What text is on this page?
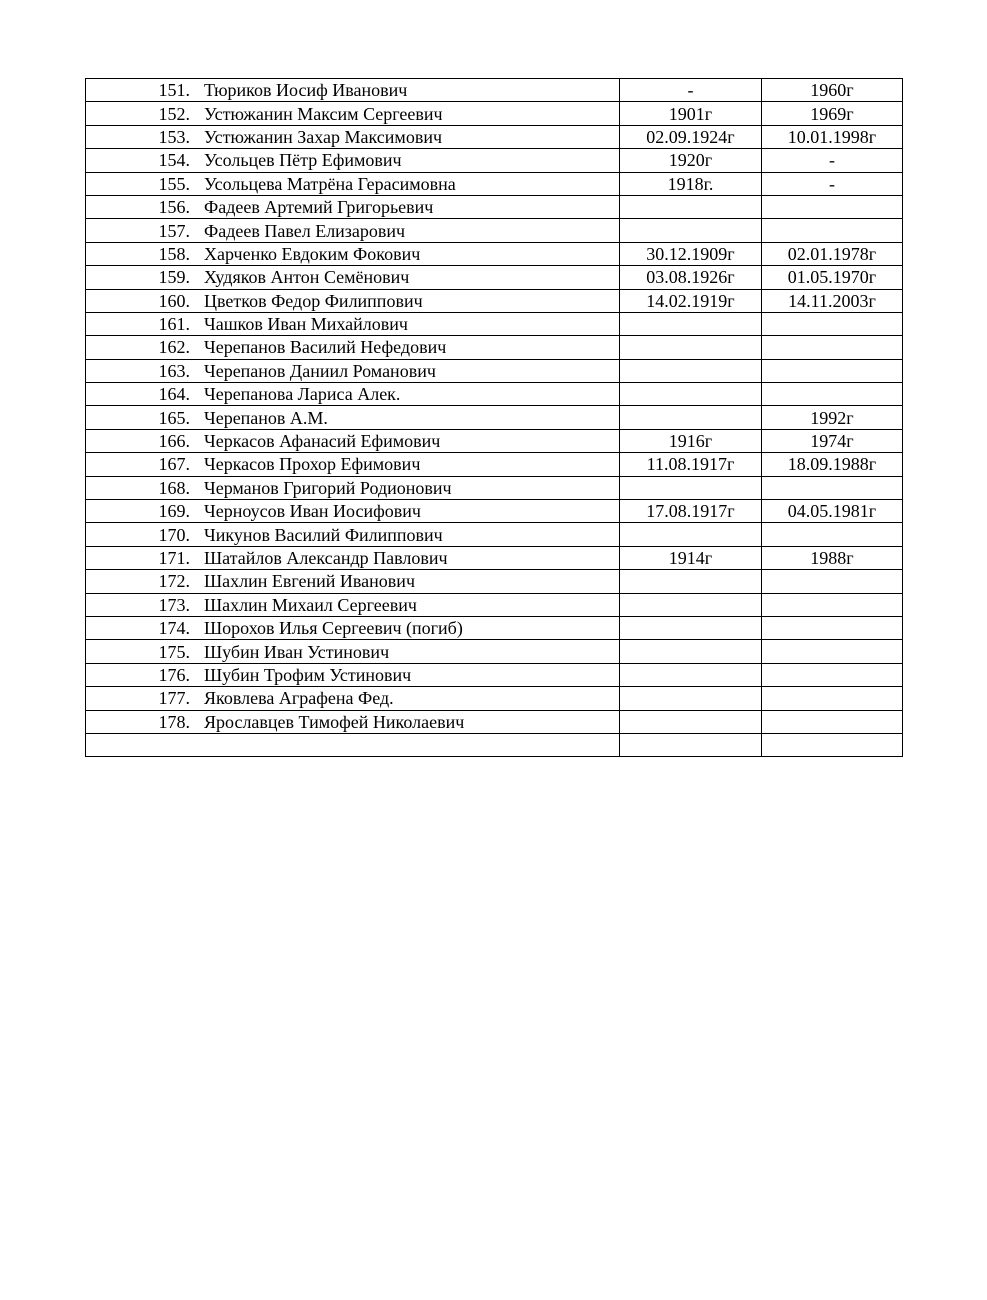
151. Тюриков Иосиф Иванович	-	1960г
152. Устюжанин Максим Сергеевич	1901г	1969г
153. Устюжанин Захар Максимович	02.09.1924г	10.01.1998г
154. Усольцев Пётр Ефимович	1920г	-
155. Усольцева Матрёна Герасимовна	1918г.	-
156. Фадеев Артемий Григорьевич		
157. Фадеев Павел Елизарович		
158. Харченко Евдоким Фокович	30.12.1909г	02.01.1978г
159. Худяков Антон Семёнович	03.08.1926г	01.05.1970г
160. Цветков Федор Филиппович	14.02.1919г	14.11.2003г
161. Чашков Иван Михайлович		
162. Черепанов Василий Нефедович		
163. Черепанов Даниил Романович		
164. Черепанова Лариса Алек.		
165. Черепанов А.М.		1992г
166. Черкасов Афанасий Ефимович	1916г	1974г
167. Черкасов Прохор Ефимович	11.08.1917г	18.09.1988г
168. Черманов Григорий Родионович		
169. Черноусов Иван Иосифович	17.08.1917г	04.05.1981г
170. Чикунов Василий Филиппович		
171. Шатайлов Александр Павлович	1914г	1988г
172. Шахлин Евгений Иванович		
173. Шахлин Михаил Сергеевич		
174. Шорохов Илья Сергеевич (погиб)		
175. Шубин Иван Устинович		
176. Шубин Трофим Устинович		
177. Яковлева Аграфена Фед.		
178. Ярославцев Тимофей Николаевич		
